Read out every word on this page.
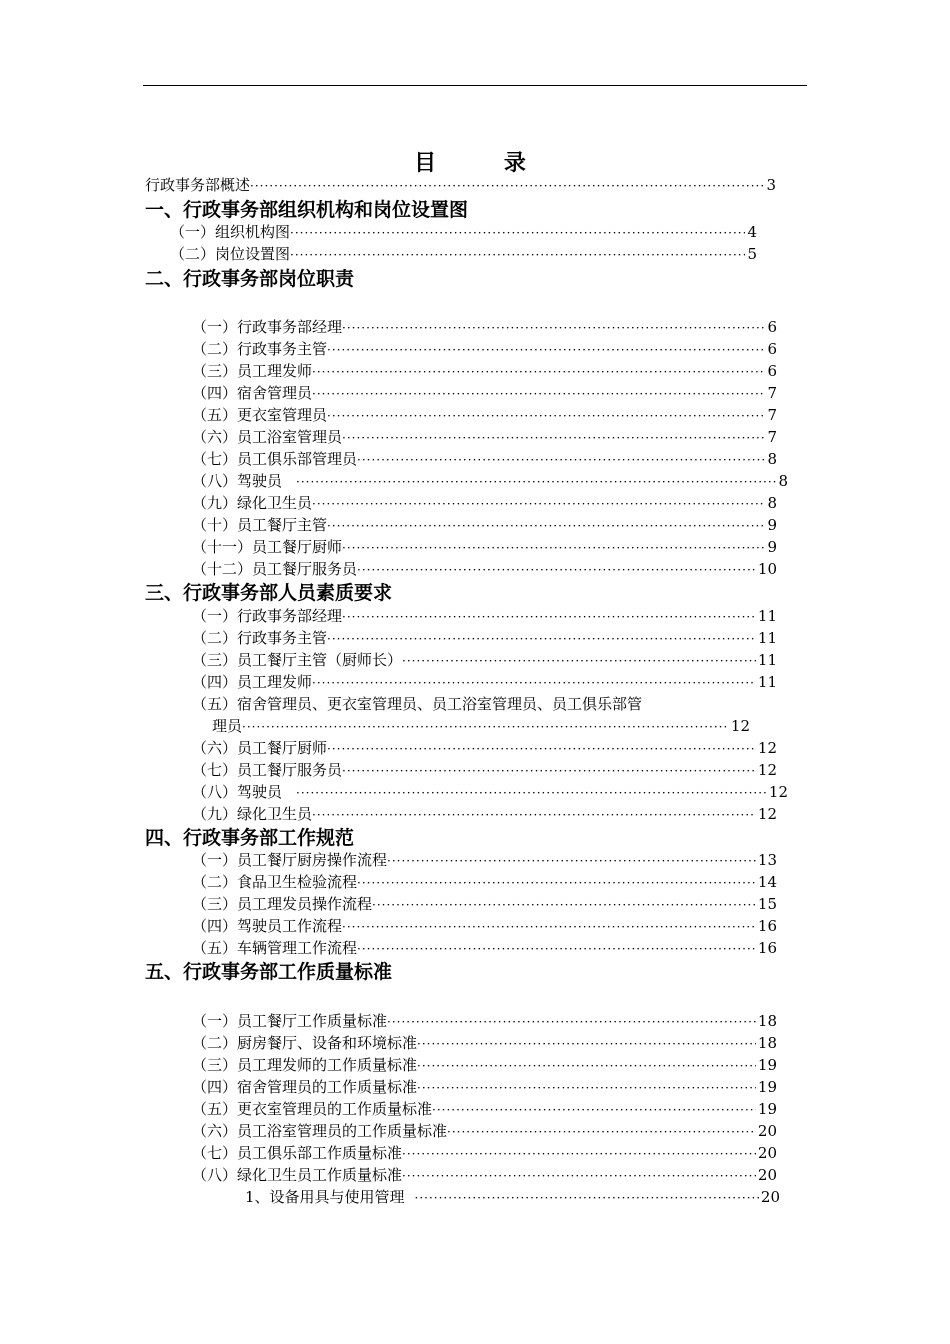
目 录
行政事务部概述 ·····	3
一、行政事务部组织机构和岗位设置图
（一）组织机构图 ·····	4
（二）岗位设置图 ·····	5
二、行政事务部岗位职责
（一）行政事务部经理 ·····	6
（二）行政事务主管 ·····	6
（三）员工理发师 ·····	6
（四）宿舍管理员 ·····	7
（五）更衣室管理员 ·····	7
（六）员工浴室管理员 ·····	7
（七）员工俱乐部管理员 ·····	8
（八）驾驶员 ·····	8
（九）绿化卫生员 ·····	8
（十）员工餐厅主管 ·····	9
（十一）员工餐厅厨师 ·····	9
（十二）员工餐厅服务员 ·····	10
三、行政事务部人员素质要求
（一）行政事务部经理 ·····	11
（二）行政事务主管 ·····	11
（三）员工餐厅主管（厨师长） ·····	11
（四）员工理发师 ·····	11
（五）宿舍管理员、更衣室管理员、员工浴室管理员、员工俱乐部管
理员 ·····	12
（六）员工餐厅厨师 ·····	12
（七）员工餐厅服务员 ·····	12
（八）驾驶员 ·····	12
（九）绿化卫生员 ·····	12
四、行政事务部工作规范
（一）员工餐厅厨房操作流程 ·····	13
（二）食品卫生检验流程 ·····	14
（三）员工理发员操作流程 ·····	15
（四）驾驶员工作流程 ·····	16
（五）车辆管理工作流程 ·····	16
五、行政事务部工作质量标准
（一）员工餐厅工作质量标准 ·····	18
（二）厨房餐厅、设备和环境标准 ·····	18
（三）员工理发师的工作质量标准 ·····	19
（四）宿舍管理员的工作质量标准 ·····	19
（五）更衣室管理员的工作质量标准 ·····	19
（六）员工浴室管理员的工作质量标准 ·····	20
（七）员工俱乐部工作质量标准 ·····	20
（八）绿化卫生员工作质量标准 ·····	20
1、设备用具与使用管理 ·····	20
